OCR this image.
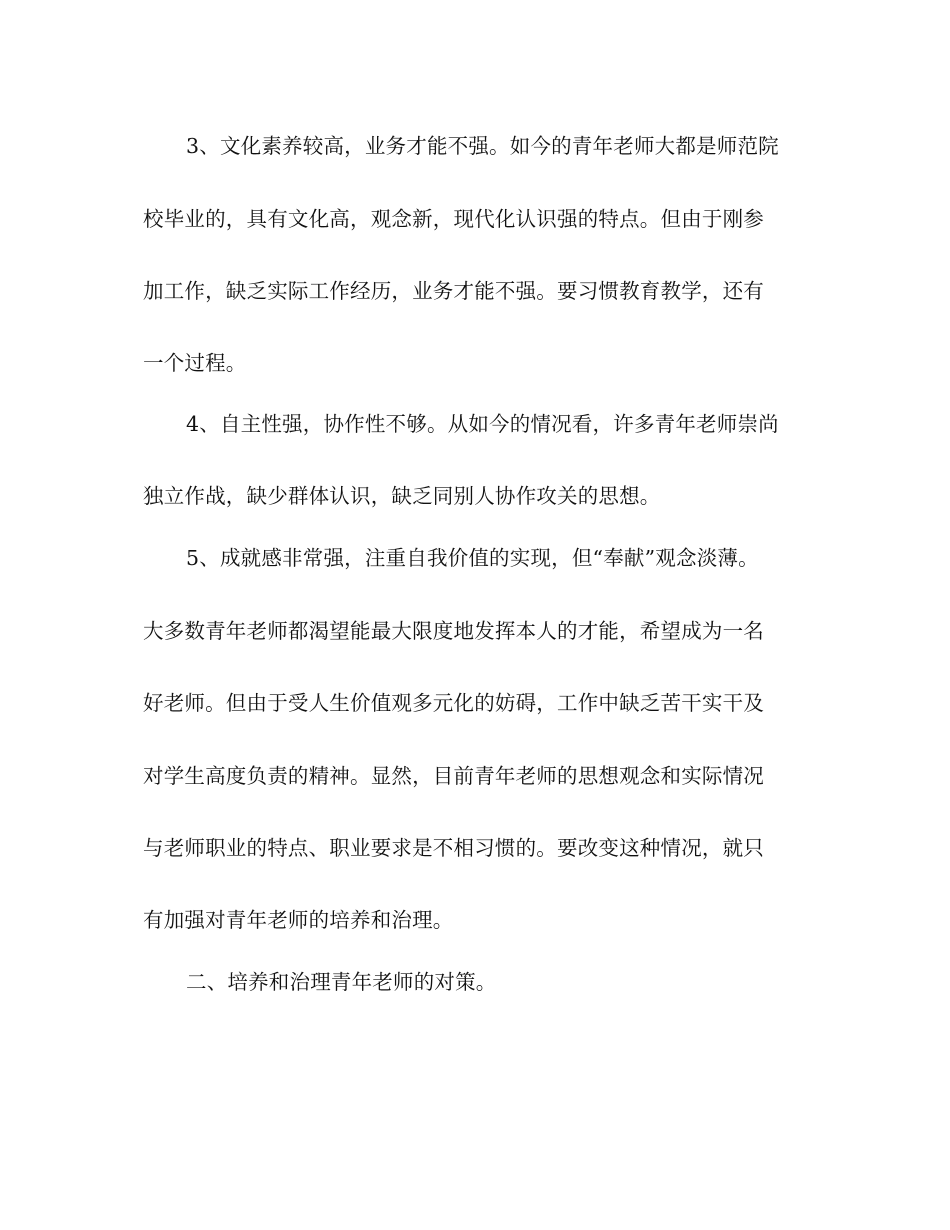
3、文化素养较高，业务才能不强。如今的青年老师大都是师范院

校毕业的，具有文化高，观念新，现代化认识强的特点。但由于刚参

加工作，缺乏实际工作经历，业务才能不强。要习惯教育教学，还有

一个过程。

4、自主性强，协作性不够。从如今的情况看，许多青年老师崇尚

独立作战，缺少群体认识，缺乏同别人协作攻关的思想。

5、成就感非常强，注重自我价值的实现，但“奉献”观念淡薄。

大多数青年老师都渴望能最大限度地发挥本人的才能，希望成为一名

好老师。但由于受人生价值观多元化的妨碍，工作中缺乏苦干实干及

对学生高度负责的精神。显然，目前青年老师的思想观念和实际情况

与老师职业的特点、职业要求是不相习惯的。要改变这种情况，就只

有加强对青年老师的培养和治理。

二、培养和治理青年老师的对策。
